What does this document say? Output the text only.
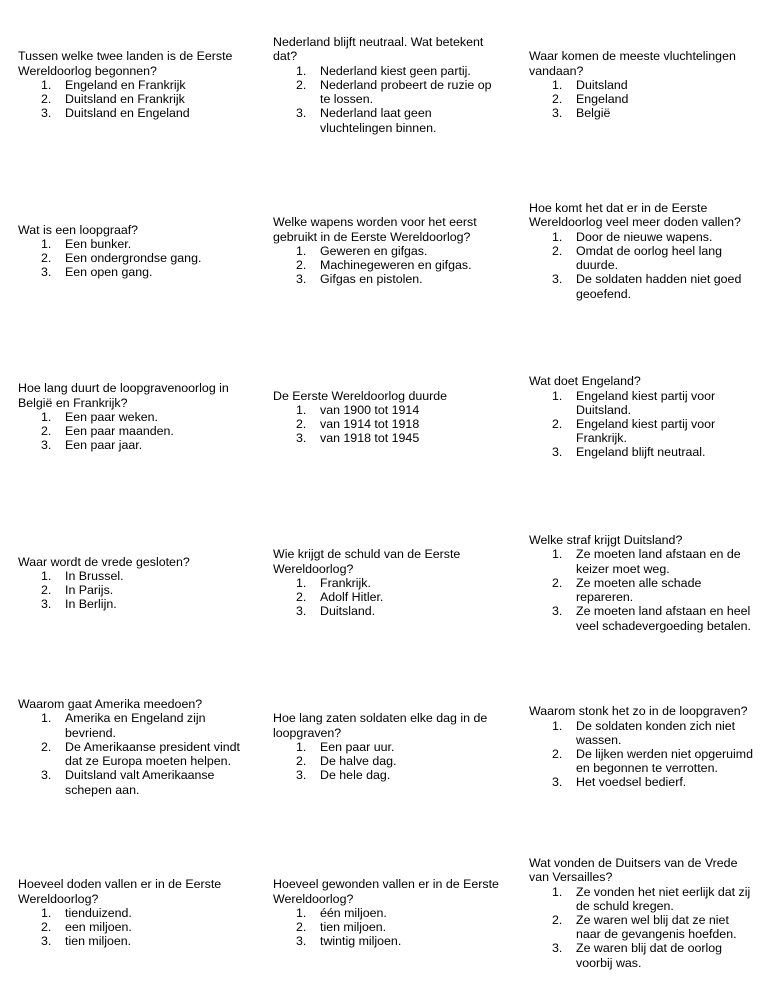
Tussen welke twee landen is de Eerste Wereldoorlog begonnen?

1. Engeland en Frankrijk
2. Duitsland en Frankrijk
3. Duitsland en Engeland

Nederland blijft neutraal. Wat betekent dat?

1. Nederland kiest geen partij.
2. Nederland probeert de ruzie op te lossen.
3. Nederland laat geen vluchtelingen binnen.

Waar komen de meeste vluchtelingen vandaan?

1. Duitsland
2. Engeland
3. België

Wat is een loopgraaf?

1. Een bunker.
2. Een ondergrondse gang.
3. Een open gang.

Welke wapens worden voor het eerst gebruikt in de Eerste Wereldoorlog?

1. Geweren en gifgas.
2. Machinegeweren en gifgas.
3. Gifgas en pistolen.

Hoe komt het dat er in de Eerste Wereldoorlog veel meer doden vallen?

1. Door de nieuwe wapens.
2. Omdat de oorlog heel lang duurde.
3. De soldaten hadden niet goed geoefend.

Hoe lang duurt de loopgravenoorlog in België en Frankrijk?

1. Een paar weken.
2. Een paar maanden.
3. Een paar jaar.

De Eerste Wereldoorlog duurde

1. van 1900 tot 1914
2. van 1914 tot 1918
3. van 1918 tot 1945

Wat doet Engeland?

1. Engeland kiest partij voor Duitsland.
2. Engeland kiest partij voor Frankrijk.
3. Engeland blijft neutraal.

Waar wordt de vrede gesloten?

1. In Brussel.
2. In Parijs.
3. In Berlijn.

Wie krijgt de schuld van de Eerste Wereldoorlog?

1. Frankrijk.
2. Adolf Hitler.
3. Duitsland.

Welke straf krijgt Duitsland?

1. Ze moeten land afstaan en de keizer moet weg.
2. Ze moeten alle schade repareren.
3. Ze moeten land afstaan en heel veel schadevergoeding betalen.

Waarom gaat Amerika meedoen?

1. Amerika en Engeland zijn bevriend.
2. De Amerikaanse president vindt dat ze Europa moeten helpen.
3. Duitsland valt Amerikaanse schepen aan.

Hoe lang zaten soldaten elke dag in de loopgraven?

1. Een paar uur.
2. De halve dag.
3. De hele dag.

Waarom stonk het zo in de loopgraven?

1. De soldaten konden zich niet wassen.
2. De lijken werden niet opgeruimd en begonnen te verrotten.
3. Het voedsel bedierf.

Hoeveel doden vallen er in de Eerste Wereldoorlog?

1. tienduizend.
2. een miljoen.
3. tien miljoen.

Hoeveel gewonden vallen er in de Eerste Wereldoorlog?

1. één miljoen.
2. tien miljoen.
3. twintig miljoen.

Wat vonden de Duitsers van de Vrede van Versailles?

1. Ze vonden het niet eerlijk dat zij de schuld kregen.
2. Ze waren wel blij dat ze niet naar de gevangenis hoefden.
3. Ze waren blij dat de oorlog voorbij was.
